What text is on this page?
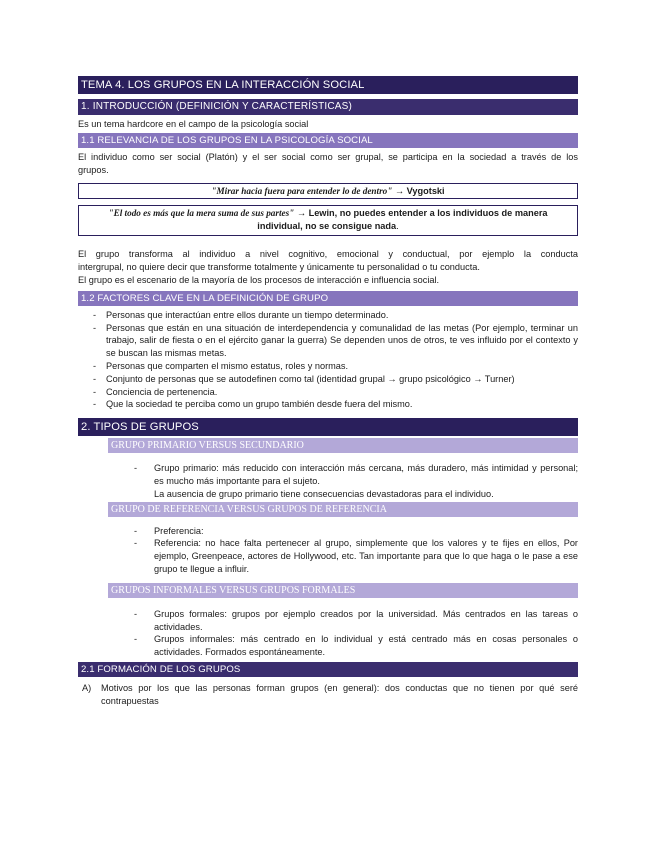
TEMA 4. LOS GRUPOS EN LA INTERACCIÓN SOCIAL
1. INTRODUCCIÓN (DEFINICIÓN Y CARACTERÍSTICAS)
Es un tema hardcore en el campo de la psicología social
1.1 RELEVANCIA DE LOS GRUPOS EN LA PSICOLOGÍA SOCIAL
El individuo como ser social (Platón) y el ser social como ser grupal, se participa en la sociedad a través de los
grupos.
"Mirar hacia fuera para entender lo de dentro" → Vygotski
"El todo es más que la mera suma de sus partes" → Lewin, no puedes entender a los individuos de manera individual, no se consigue nada.
El grupo transforma al individuo a nivel cognitivo, emocional y conductual, por ejemplo la conducta
intergrupal, no quiere decir que transforme totalmente y únicamente tu personalidad o tu conducta.
El grupo es el escenario de la mayoría de los procesos de interacción e influencia social.
1.2 FACTORES CLAVE EN LA DEFINICIÓN DE GRUPO
- Personas que interactúan entre ellos durante un tiempo determinado.
- Personas que están en una situación de interdependencia y comunalidad de las metas (Por ejemplo, terminar un trabajo, salir de fiesta o en el ejército ganar la guerra) Se dependen unos de otros, te ves influido por el contexto y se buscan las mismas metas.
- Personas que comparten el mismo estatus, roles y normas.
- Conjunto de personas que se autodefinen como tal (identidad grupal → grupo psicológico → Turner)
- Conciencia de pertenencia.
- Que la sociedad te perciba como un grupo también desde fuera del mismo.
2. TIPOS DE GRUPOS
GRUPO PRIMARIO VERSUS SECUNDARIO
- Grupo primario: más reducido con interacción más cercana, más duradero, más intimidad y personal; es mucho más importante para el sujeto.
La ausencia de grupo primario tiene consecuencias devastadoras para el individuo.
GRUPO DE REFERENCIA VERSUS GRUPOS DE REFERENCIA
- Preferencia:
- Referencia: no hace falta pertenecer al grupo, simplemente que los valores y te fijes en ellos, Por ejemplo, Greenpeace, actores de Hollywood, etc. Tan importante para que lo que haga o le pase a ese grupo te llegue a influir.
GRUPOS INFORMALES VERSUS GRUPOS FORMALES
- Grupos formales: grupos por ejemplo creados por la universidad. Más centrados en las tareas o actividades.
- Grupos informales: más centrado en lo individual y está centrado más en cosas personales o actividades. Formados espontáneamente.
2.1 FORMACIÓN DE LOS GRUPOS
A) Motivos por los que las personas forman grupos (en general): dos conductas que no tienen por qué seré contrapuestas
